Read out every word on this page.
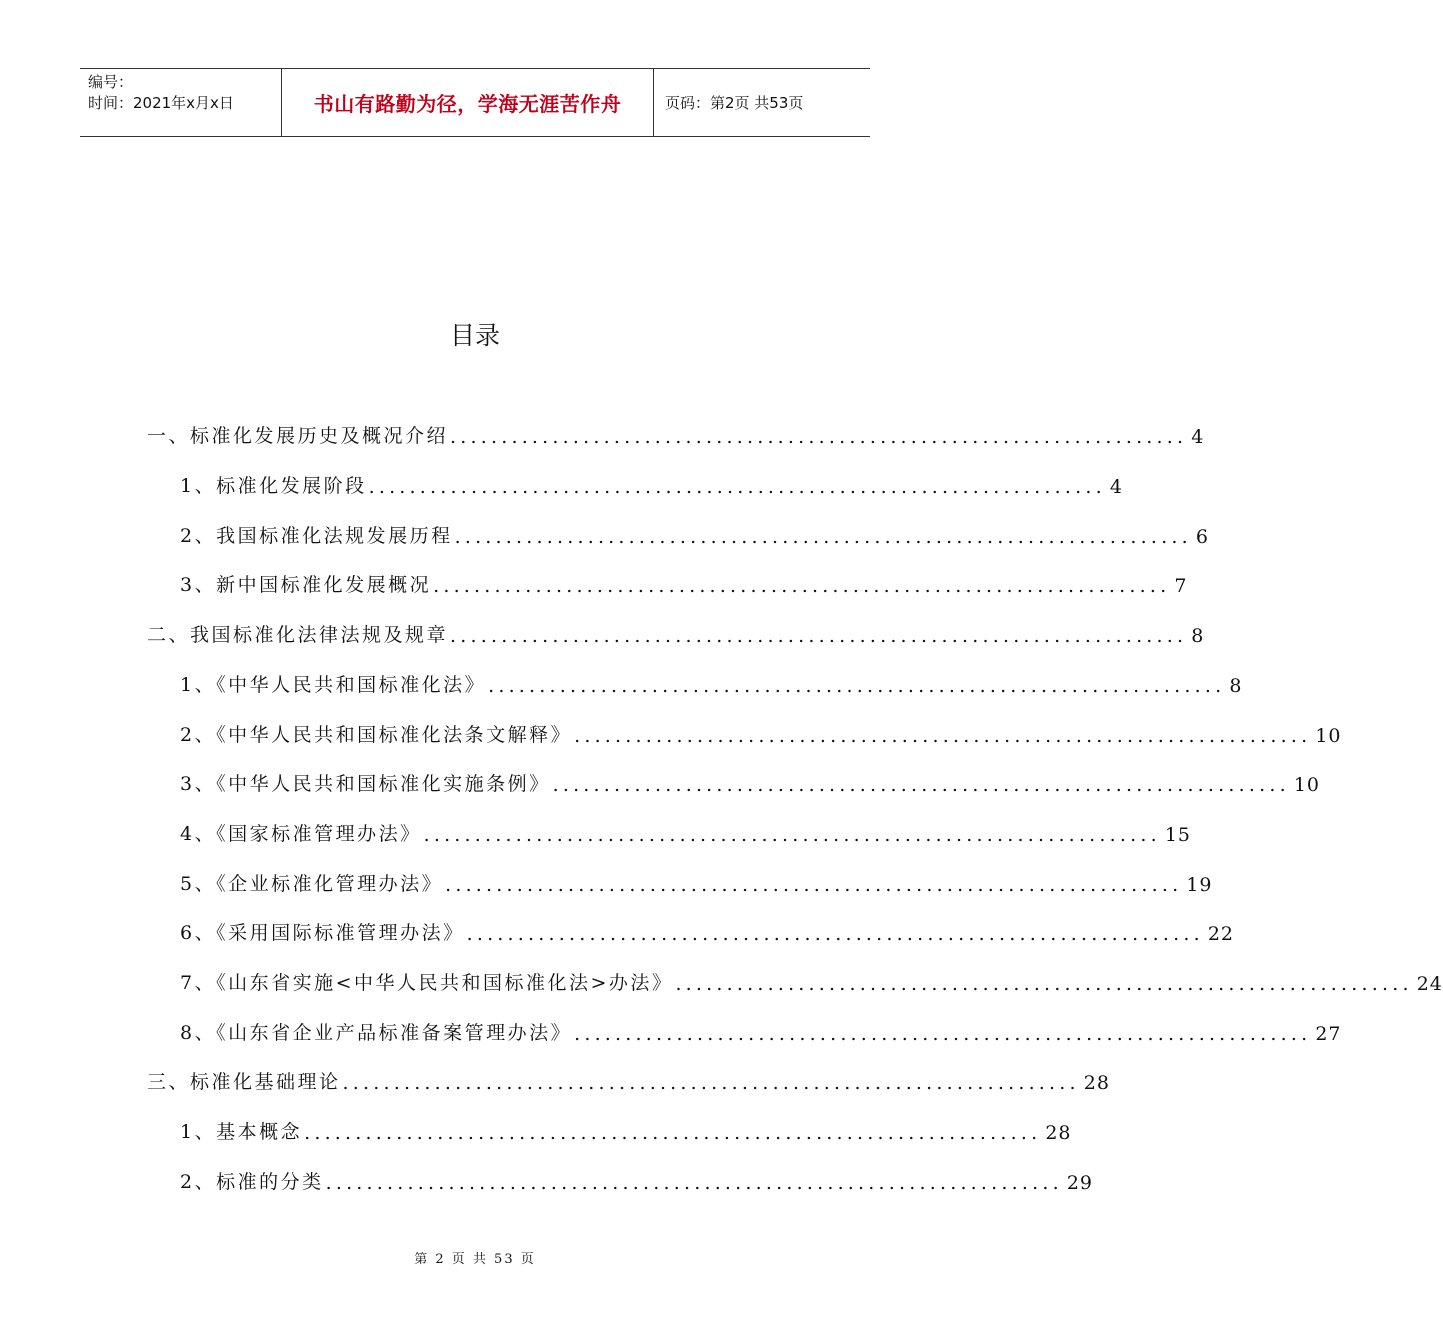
编号：
时间：2021年x月x日	书山有路勤为径，学海无涯苦作舟	页码：第2页 共53页
目录
一、标准化发展历史及概况介绍 ........................................................................ 4
1、标准化发展阶段 ........................................................................ 4
2、我国标准化法规发展历程 ........................................................................ 6
3、新中国标准化发展概况 ........................................................................ 7
二、我国标准化法律法规及规章 ........................................................................ 8
1、《中华人民共和国标准化法》 ........................................................................ 8
2、《中华人民共和国标准化法条文解释》 ........................................................................ 10
3、《中华人民共和国标准化实施条例》 ........................................................................ 10
4、《国家标准管理办法》 ........................................................................ 15
5、《企业标准化管理办法》 ........................................................................ 19
6、《采用国际标准管理办法》 ........................................................................ 22
7、《山东省实施<中华人民共和国标准化法>办法》 ........................................................................ 24
8、《山东省企业产品标准备案管理办法》 ........................................................................ 27
三、标准化基础理论 ........................................................................ 28
1、基本概念 ........................................................................ 28
2、标准的分类 ........................................................................ 29
第 2 页 共 53 页
